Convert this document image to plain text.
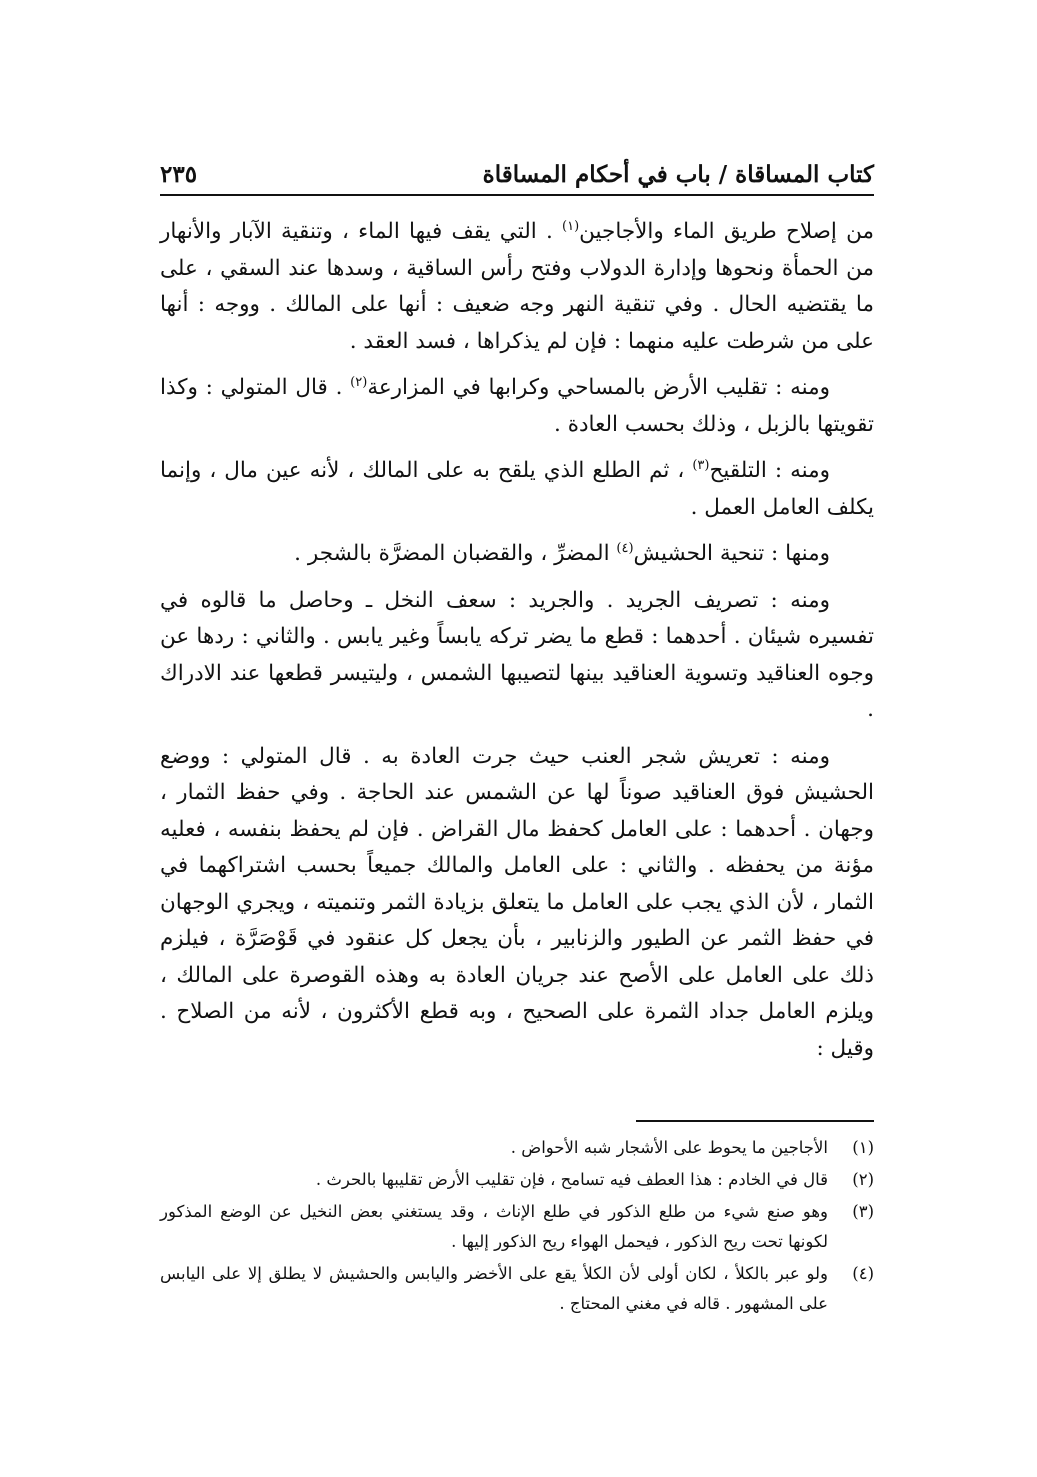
كتاب المساقاة / باب في أحكام المساقاة
٢٣٥

من إصلاح طريق الماء والأجاجين$^{(١)}$ . التي يقف فيها الماء ، وتنقية الآبار والأنهار من الحمأة ونحوها وإدارة الدولاب وفتح رأس الساقية ، وسدها عند السقي ، على ما يقتضيه الحال . وفي تنقية النهر وجه ضعيف : أنها على المالك . ووجه : أنها على من شرطت عليه منهما : فإن لم يذكراها ، فسد العقد .

ومنه : تقليب الأرض بالمساحي وكرابها في المزارعة$^{(٢)}$ . قال المتولي : وكذا تقويتها بالزبل ، وذلك بحسب العادة .

ومنه : التلقيح$^{(٣)}$ ، ثم الطلع الذي يلقح به على المالك ، لأنه عين مال ، وإنما يكلف العامل العمل .

ومنها : تنحية الحشيش$^{(٤)}$ المضرِّ ، والقضبان المضرَّة بالشجر .

ومنه : تصريف الجريد . والجريد : سعف النخل ـ وحاصل ما قالوه في تفسيره شيئان . أحدهما : قطع ما يضر تركه يابساً وغير يابس . والثاني : ردها عن وجوه العناقيد وتسوية العناقيد بينها لتصيبها الشمس ، وليتيسر قطعها عند الادراك .

ومنه : تعريش شجر العنب حيث جرت العادة به . قال المتولي : ووضع الحشيش فوق العناقيد صوناً لها عن الشمس عند الحاجة . وفي حفظ الثمار ، وجهان . أحدهما : على العامل كحفظ مال القراض . فإن لم يحفظ بنفسه ، فعليه مؤنة من يحفظه . والثاني : على العامل والمالك جميعاً بحسب اشتراكهما في الثمار ، لأن الذي يجب على العامل ما يتعلق بزيادة الثمر وتنميته ، ويجري الوجهان في حفظ الثمر عن الطيور والزنابير ، بأن يجعل كل عنقود في قَوْصَرَّة ، فيلزم ذلك على العامل على الأصح عند جريان العادة به وهذه القوصرة على المالك ، ويلزم العامل جداد الثمرة على الصحيح ، وبه قطع الأكثرون ، لأنه من الصلاح . وقيل :

(١)
الأجاجين ما يحوط على الأشجار شبه الأحواض .
(٢)
قال في الخادم : هذا العطف فيه تسامح ، فإن تقليب الأرض تقليبها بالحرث .
(٣)
وهو صنع شيء من طلع الذكور في طلع الإناث ، وقد يستغني بعض النخيل عن الوضع المذكور لكونها تحت ريح الذكور ، فيحمل الهواء ريح الذكور إليها .
(٤)
ولو عبر بالكلأ ، لكان أولى لأن الكلأ يقع على الأخضر واليابس والحشيش لا يطلق إلا على اليابس على المشهور . قاله في مغني المحتاج .
